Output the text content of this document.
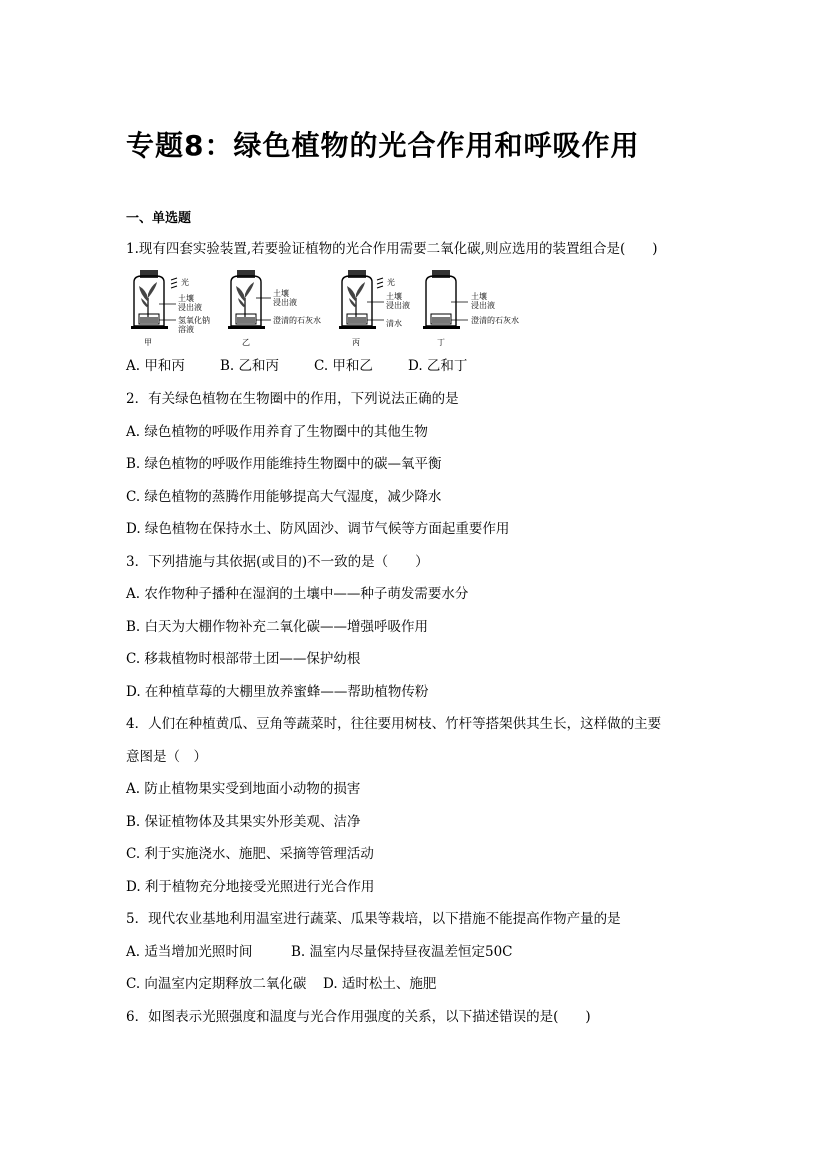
专题8：绿色植物的光合作用和呼吸作用
一、单选题
1.现有四套实验装置,若要验证植物的光合作用需要二氧化碳,则应选用的装置组合是(　　)
光
土壤
浸出液
氢氧化钠
溶液
甲
土壤
浸出液
澄清的石灰水
乙
光
土壤
浸出液
清水
丙
土壤
浸出液
澄清的石灰水
丁
A. 甲和丙	B. 乙和丙	C. 甲和乙	D. 乙和丁
2．有关绿色植物在生物圈中的作用，下列说法正确的是
A. 绿色植物的呼吸作用养育了生物圈中的其他生物
B. 绿色植物的呼吸作用能维持生物圈中的碳—氧平衡
C. 绿色植物的蒸腾作用能够提高大气湿度，减少降水
D. 绿色植物在保持水土、防风固沙、调节气候等方面起重要作用
3．下列措施与其依据(或目的)不一致的是（　　）
A. 农作物种子播种在湿润的土壤中——种子萌发需要水分
B. 白天为大棚作物补充二氧化碳——增强呼吸作用
C. 移栽植物时根部带土团——保护幼根
D. 在种植草莓的大棚里放养蜜蜂——帮助植物传粉
4．人们在种植黄瓜、豆角等蔬菜时，往往要用树枝、竹杆等搭架供其生长，这样做的主要
意图是（　）
A. 防止植物果实受到地面小动物的损害
B. 保证植物体及其果实外形美观、洁净
C. 利于实施浇水、施肥、采摘等管理活动
D. 利于植物充分地接受光照进行光合作用
5．现代农业基地利用温室进行蔬菜、瓜果等栽培，以下措施不能提高作物产量的是
A. 适当增加光照时间	B. 温室内尽量保持昼夜温差恒定50C
C. 向温室内定期释放二氧化碳 D. 适时松土、施肥
6．如图表示光照强度和温度与光合作用强度的关系，以下描述错误的是(　　)
